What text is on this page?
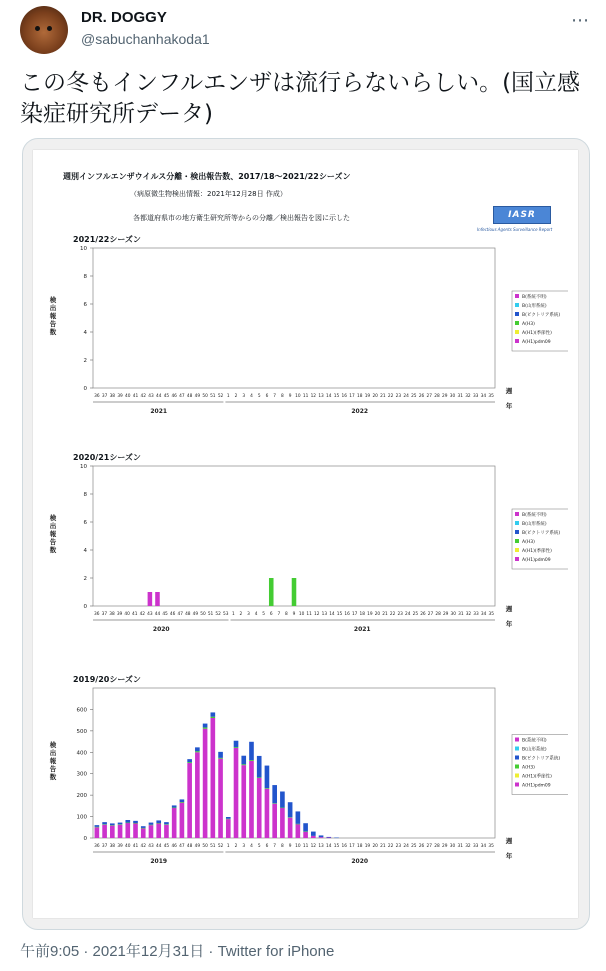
DR. DOGGY
@sabuchanhakoda1
⋯
この冬もインフルエンザは流行らないらしい。(国立感染症研究所データ)
週別インフルエンザウイルス分離・検出報告数、2017/18～2021/22シーズン
（病原微生物検出情報：2021年12月28日 作成）
IASR
Infectious Agents Surveillance Report
各都道府県市の地方衛生研究所等からの分離／検出報告を図に示した
2021/22シーズン
0
2
4
6
8
10
検
出
報
告
数
36 37 38 39 40 41 42 43 44 45 46 47 48 49 50 51 52 1 2 3 4 5 6 7 8 9 10 11 12 13 14 15 16 17 18 19 20 21 22 23 24 25 26 27 28 29 30 31 32 33 34 35
2021	2022
週
年
B(系統不明)
B(山形系統)
B(ビクトリア系統)
A(H3)
A(H1)(季節性)
A(H1)pdm09
2020/21シーズン
0
2
4
6
8
10
検
出
報
告
数
36 37 38 39 40 41 42 43 44 45 46 47 48 49 50 51 52 53 1 2 3 4 5 6 7 8 9 10 11 12 13 14 15 16 17 18 19 20 21 22 23 24 25 26 27 28 29 30 31 32 33 34 35
2020	2021
週
年
B(系統不明)
B(山形系統)
B(ビクトリア系統)
A(H3)
A(H1)(季節性)
A(H1)pdm09
2019/20シーズン
0
100
200
300
400
500
600
検
出
報
告
数
36 37 38 39 40 41 42 43 44 45 46 47 48 49 50 51 52 1 2 3 4 5 6 7 8 9 10 11 12 13 14 15 16 17 18 19 20 21 22 23 24 25 26 27 28 29 30 31 32 33 34 35
2019	2020
週
年
B(系統不明)
B(山形系統)
B(ビクトリア系統)
A(H3)
A(H1)(季節性)
A(H1)pdm09
午前9:05 · 2021年12月31日 · Twitter for iPhone
